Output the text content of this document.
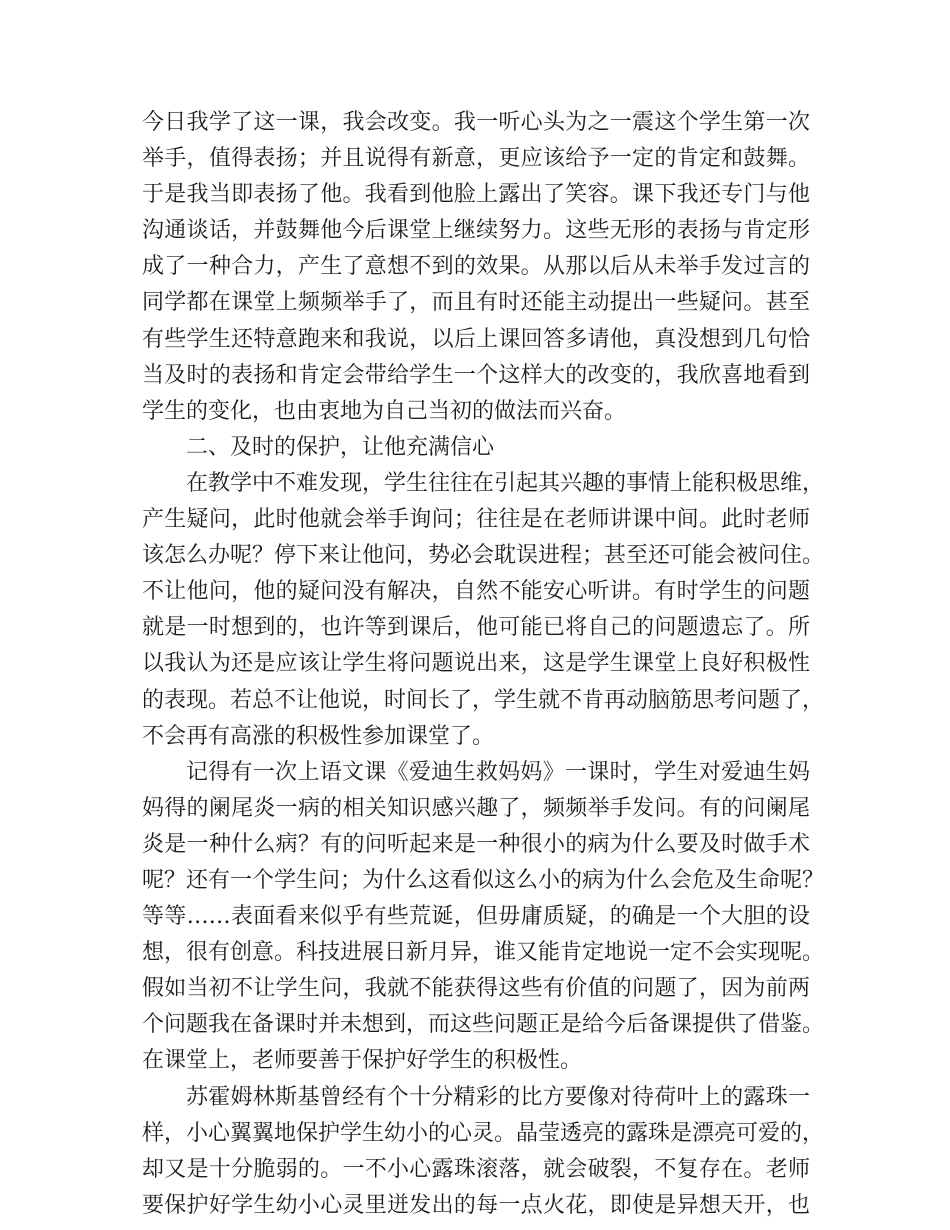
今日我学了这一课，我会改变。我一听心头为之一震这个学生第一次
举手，值得表扬；并且说得有新意，更应该给予一定的肯定和鼓舞。
于是我当即表扬了他。我看到他脸上露出了笑容。课下我还专门与他
沟通谈话，并鼓舞他今后课堂上继续努力。这些无形的表扬与肯定形
成了一种合力，产生了意想不到的效果。从那以后从未举手发过言的
同学都在课堂上频频举手了，而且有时还能主动提出一些疑问。甚至
有些学生还特意跑来和我说，以后上课回答多请他，真没想到几句恰
当及时的表扬和肯定会带给学生一个这样大的改变的，我欣喜地看到
学生的变化，也由衷地为自己当初的做法而兴奋。
二、及时的保护，让他充满信心
在教学中不难发现，学生往往在引起其兴趣的事情上能积极思维，
产生疑问，此时他就会举手询问；往往是在老师讲课中间。此时老师
该怎么办呢？停下来让他问，势必会耽误进程；甚至还可能会被问住。
不让他问，他的疑问没有解决，自然不能安心听讲。有时学生的问题
就是一时想到的，也许等到课后，他可能已将自己的问题遗忘了。所
以我认为还是应该让学生将问题说出来，这是学生课堂上良好积极性
的表现。若总不让他说，时间长了，学生就不肯再动脑筋思考问题了，
不会再有高涨的积极性参加课堂了。
记得有一次上语文课《爱迪生救妈妈》一课时，学生对爱迪生妈
妈得的阑尾炎一病的相关知识感兴趣了，频频举手发问。有的问阑尾
炎是一种什么病？有的问听起来是一种很小的病为什么要及时做手术
呢？还有一个学生问；为什么这看似这么小的病为什么会危及生命呢？
等等……表面看来似乎有些荒诞，但毋庸质疑，的确是一个大胆的设
想，很有创意。科技进展日新月异，谁又能肯定地说一定不会实现呢。
假如当初不让学生问，我就不能获得这些有价值的问题了，因为前两
个问题我在备课时并未想到，而这些问题正是给今后备课提供了借鉴。
在课堂上，老师要善于保护好学生的积极性。
苏霍姆林斯基曾经有个十分精彩的比方要像对待荷叶上的露珠一
样，小心翼翼地保护学生幼小的心灵。晶莹透亮的露珠是漂亮可爱的，
却又是十分脆弱的。一不小心露珠滚落，就会破裂，不复存在。老师
要保护好学生幼小心灵里迸发出的每一点火花，即使是异想天开，也
